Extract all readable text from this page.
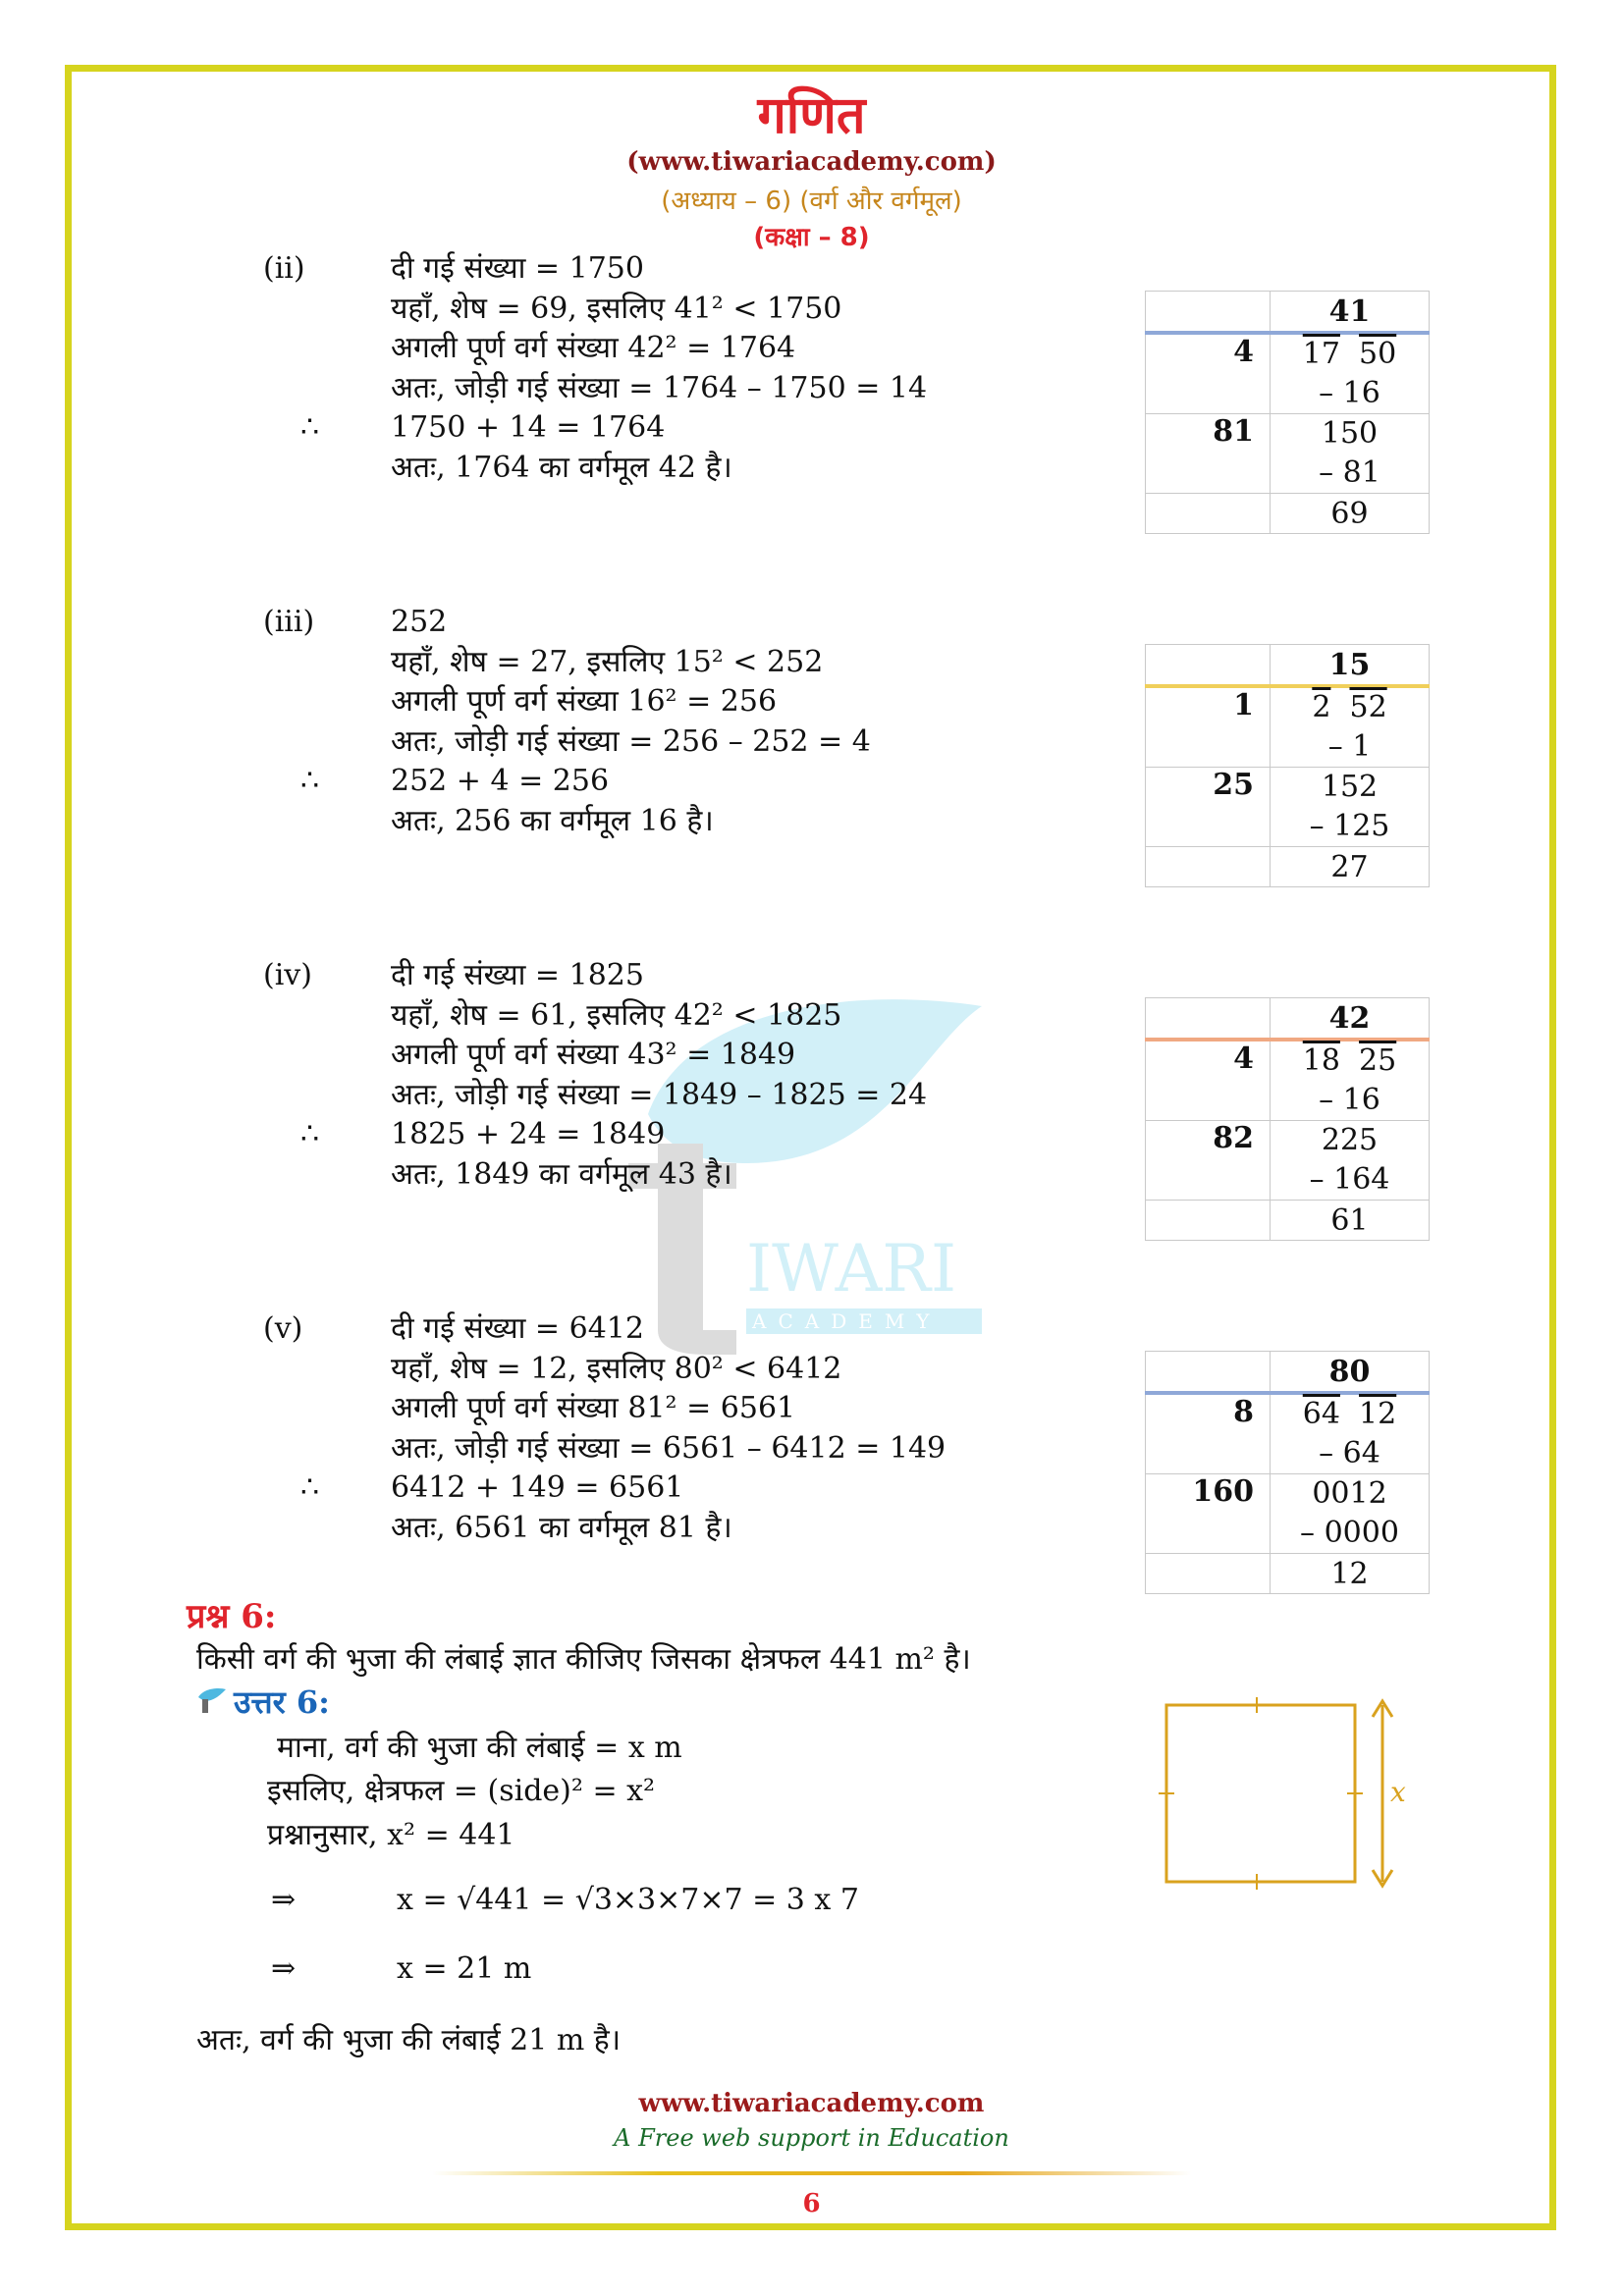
गणित
(www.tiwariacademy.com)
(अध्याय – 6) (वर्ग और वर्गमूल)
(कक्षा – 8)
IWARI
ACADEMY
(ii)
∴
दी गई संख्या = 1750
यहाँ, शेष = 69, इसलिए 41² < 1750
अगली पूर्ण वर्ग संख्या 42² = 1764
अतः, जोड़ी गई संख्या = 1764 – 1750 = 14
1750 + 14 = 1764
अतः, 1764 का वर्गमूल 42 है।
	41
4	17 50
– 16

81	150
– 81

	69
(iii)
∴
252
यहाँ, शेष = 27, इसलिए 15² < 252
अगली पूर्ण वर्ग संख्या 16² = 256
अतः, जोड़ी गई संख्या = 256 – 252 = 4
252 + 4 = 256
अतः, 256 का वर्गमूल 16 है।
	15
1	2 52
– 1

25	152
– 125

	27
(iv)
∴
दी गई संख्या = 1825
यहाँ, शेष = 61, इसलिए 42² < 1825
अगली पूर्ण वर्ग संख्या 43² = 1849
अतः, जोड़ी गई संख्या = 1849 – 1825 = 24
1825 + 24 = 1849
अतः, 1849 का वर्गमूल 43 है।
	42
4	18 25
– 16

82	225
– 164

	61
(v)
∴
दी गई संख्या = 6412
यहाँ, शेष = 12, इसलिए 80² < 6412
अगली पूर्ण वर्ग संख्या 81² = 6561
अतः, जोड़ी गई संख्या = 6561 – 6412 = 149
6412 + 149 = 6561
अतः, 6561 का वर्गमूल 81 है।
	80
8	64 12
– 64

160	0012
– 0000

	12
प्रश्न 6:
किसी वर्ग की भुजा की लंबाई ज्ञात कीजिए जिसका क्षेत्रफल 441 m² है।
उत्तर 6:
माना, वर्ग की भुजा की लंबाई = x m
इसलिए, क्षेत्रफल = (side)² = x²
प्रश्नानुसार, x² = 441
⇒	x = √441 = √3×3×7×7 = 3 x 7
⇒	x = 21 m
अतः, वर्ग की भुजा की लंबाई 21 m है।
x
www.tiwariacademy.com
A Free web support in Education
6
